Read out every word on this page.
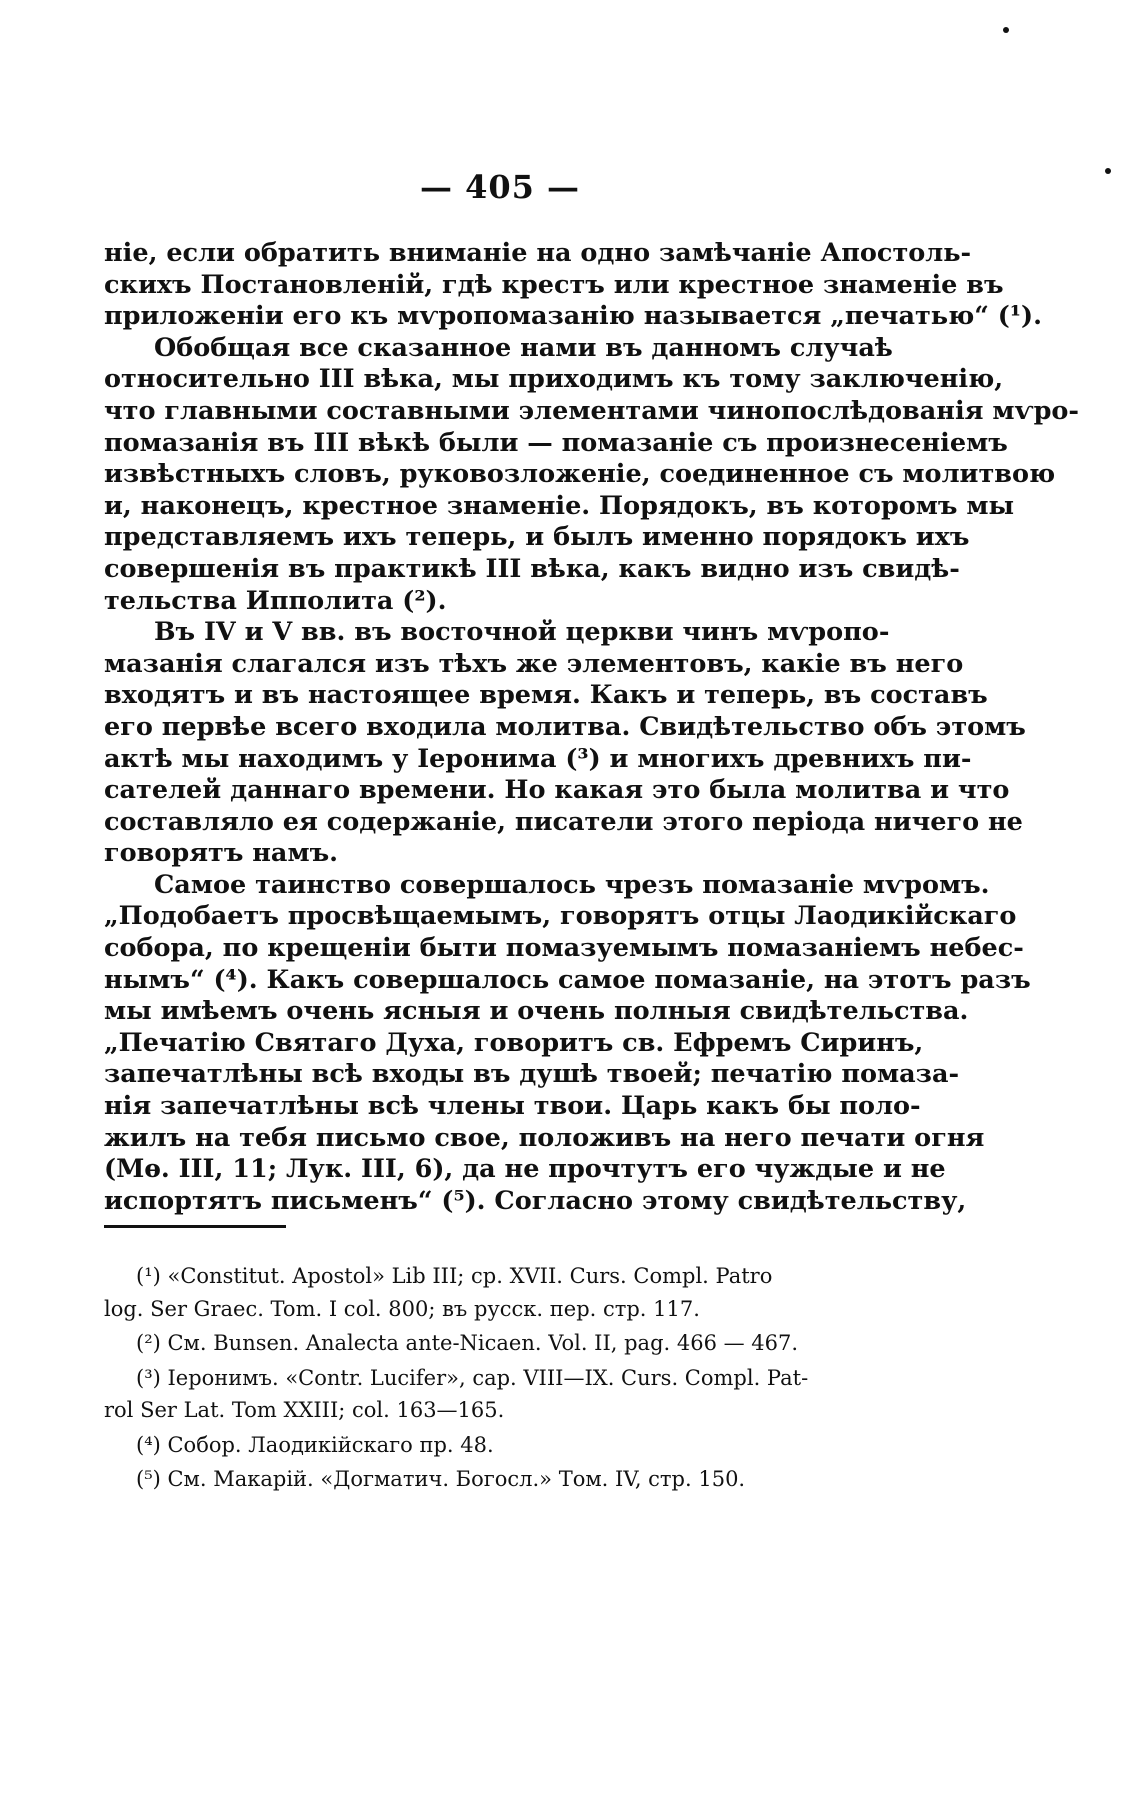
— 405 —
ніе, если обратить вниманіе на одно замѣчаніе Апостоль-
скихъ Постановленій, гдѣ крестъ или крестное знаменіе въ
приложеніи его къ мѵропомазанію называется „печатью“ (¹).
Обобщая все сказанное нами въ данномъ случаѣ
относительно III вѣка, мы приходимъ къ тому заключенію,
что главными составными элементами чинопослѣдованія мѵро-
помазанія въ III вѣкѣ были — помазаніе съ произнесеніемъ
извѣстныхъ словъ, руковозложеніе, соединенное съ молитвою
и, наконецъ, крестное знаменіе. Порядокъ, въ которомъ мы
представляемъ ихъ теперь, и былъ именно порядокъ ихъ
совершенія въ практикѣ III вѣка, какъ видно изъ свидѣ-
тельства Ипполита (²).
Въ IV и V вв. въ восточной церкви чинъ мѵропо-
мазанія слагался изъ тѣхъ же элементовъ, какіе въ него
входятъ и въ настоящее время. Какъ и теперь, въ составъ
его первѣе всего входила молитва. Свидѣтельство объ этомъ
актѣ мы находимъ у Іеронима (³) и многихъ древнихъ пи-
сателей даннаго времени. Но какая это была молитва и что
составляло ея содержаніе, писатели этого періода ничего не
говорятъ намъ.
Самое таинство совершалось чрезъ помазаніе мѵромъ.
„Подобаетъ просвѣщаемымъ, говорятъ отцы Лаодикійскаго
собора, по крещеніи быти помазуемымъ помазаніемъ небес-
нымъ“ (⁴). Какъ совершалось самое помазаніе, на этотъ разъ
мы имѣемъ очень ясныя и очень полныя свидѣтельства.
„Печатію Святаго Духа, говоритъ св. Ефремъ Сиринъ,
запечатлѣны всѣ входы въ душѣ твоей; печатію помаза-
нія запечатлѣны всѣ члены твои. Царь какъ бы поло-
жилъ на тебя письмо свое, положивъ на него печати огня
(Мѳ. III, 11; Лук. III, 6), да не прочтутъ его чуждые и не
испортятъ письменъ“ (⁵). Согласно этому свидѣтельству,
(¹) «Constitut. Apostol» Lib III; cp. XVII. Curs. Compl. Patro
log. Ser Graec. Tom. I col. 800; въ русск. пер. стр. 117.
(²) См. Bunsen. Analecta ante-Nicaen. Vol. II, pag. 466 — 467.
(³) Іеронимъ. «Contr. Lucifer», cap. VIII—IX. Curs. Compl. Pat-
rol Ser Lat. Tom XXIII; col. 163—165.
(⁴) Собор. Лаодикійскаго пр. 48.
(⁵) См. Макарій. «Догматич. Богосл.» Том. IV, стр. 150.
